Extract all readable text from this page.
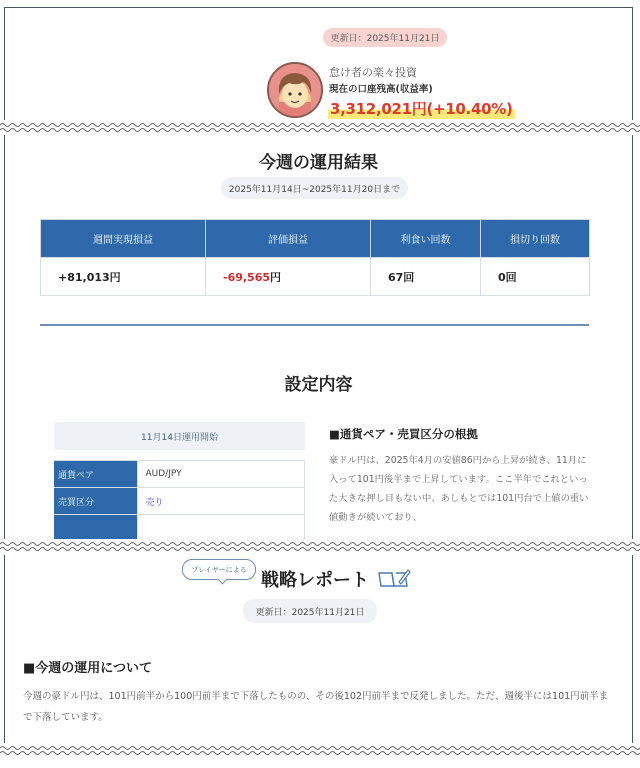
更新日：2025年11月21日
怠け者の楽々投資
現在の口座残高(収益率)
3,312,021円(+10.40%)
今週の運用結果
2025年11月14日~2025年11月20日まで
週間実現損益	評価損益	利食い回数	損切り回数
+81,013円	-69,565円	67回	0回
設定内容
11月14日運用開始
通貨ペア	AUD/JPY
売買区分	売り

■通貨ペア・売買区分の根拠
豪ドル円は、2025年4月の安値86円から上昇が続き、11月に入って101円後半まで上昇しています。ここ半年でこれといった大きな押し目もない中、あしもとでは101円台で上値の重い値動きが続いており、
プレイヤーによる
戦略レポート
更新日：2025年11月21日
■今週の運用について
今週の豪ドル円は、101円前半から100円前半まで下落したものの、その後102円前半まで反発しました。ただ、週後半には101円前半まで下落しています。
